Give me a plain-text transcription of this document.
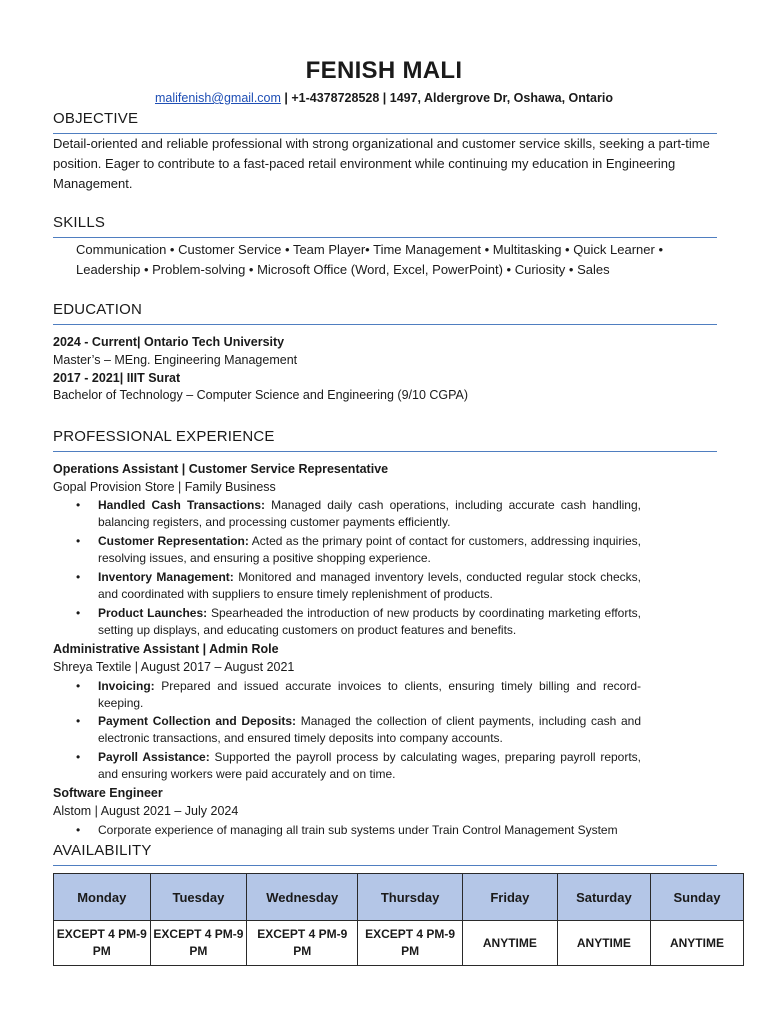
FENISH MALI
malifenish@gmail.com | +1-4378728528 | 1497, Aldergrove Dr, Oshawa, Ontario
OBJECTIVE
Detail-oriented and reliable professional with strong organizational and customer service skills, seeking a part-time position. Eager to contribute to a fast-paced retail environment while continuing my education in Engineering Management.
SKILLS
Communication • Customer Service • Team Player• Time Management • Multitasking • Quick Learner •
Leadership • Problem-solving • Microsoft Office (Word, Excel, PowerPoint) • Curiosity • Sales
EDUCATION
2024 - Current| Ontario Tech University
Master’s – MEng. Engineering Management
2017 - 2021| IIIT Surat
Bachelor of Technology – Computer Science and Engineering (9/10 CGPA)
PROFESSIONAL EXPERIENCE
Operations Assistant | Customer Service Representative
Gopal Provision Store | Family Business
•	Handled Cash Transactions: Managed daily cash operations, including accurate cash handling, balancing registers, and processing customer payments efficiently.
•	Customer Representation: Acted as the primary point of contact for customers, addressing inquiries, resolving issues, and ensuring a positive shopping experience.
•	Inventory Management: Monitored and managed inventory levels, conducted regular stock checks, and coordinated with suppliers to ensure timely replenishment of products.
•	Product Launches: Spearheaded the introduction of new products by coordinating marketing efforts, setting up displays, and educating customers on product features and benefits.
Administrative Assistant | Admin Role
Shreya Textile | August 2017 – August 2021
•	Invoicing: Prepared and issued accurate invoices to clients, ensuring timely billing and record-keeping.
•	Payment Collection and Deposits: Managed the collection of client payments, including cash and electronic transactions, and ensured timely deposits into company accounts.
•	Payroll Assistance: Supported the payroll process by calculating wages, preparing payroll reports, and ensuring workers were paid accurately and on time.
Software Engineer
Alstom | August 2021 – July 2024
•	Corporate experience of managing all train sub systems under Train Control Management System
AVAILABILITY
Monday	Tuesday	Wednesday	Thursday	Friday	Saturday	Sunday
EXCEPT 4 PM-9 PM	EXCEPT 4 PM-9 PM	EXCEPT 4 PM-9 PM	EXCEPT 4 PM-9 PM	ANYTIME	ANYTIME	ANYTIME
